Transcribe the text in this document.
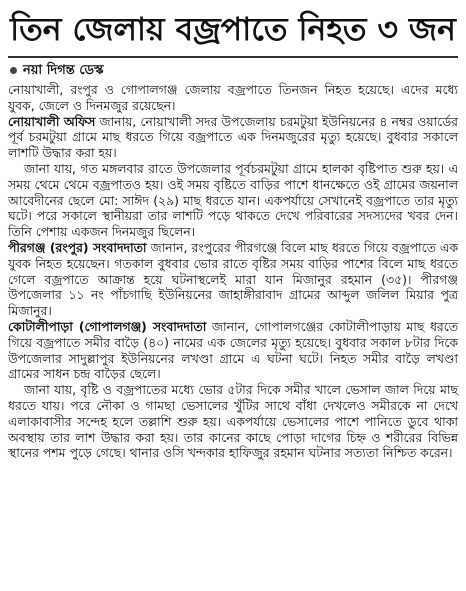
তিন জেলায় বজ্রপাতে নিহত ৩ জন
নয়া দিগন্ত ডেস্ক

নোয়াখালী, রংপুর ও গোপালগঞ্জ জেলায় বজ্রপাতে তিনজন নিহত হয়েছে। এদের মধ্যে যুবক, জেলে ও দিনমজুর রয়েছেন।

নোয়াখালী অফিস জানায়, নোয়াখালী সদর উপজেলায় চরমটুয়া ইউনিয়নের ৪ নম্বর ওয়ার্ডের পূর্ব চরমটুয়া গ্রামে মাছ ধরতে গিয়ে বজ্রপাতে এক দিনমজুরের মৃত্যু হয়েছে। বুধবার সকালে লাশটি উদ্ধার করা হয়।

জানা যায়, গত মঙ্গলবার রাতে উপজেলার পূর্বচরমটুয়া গ্রামে হালকা বৃষ্টিপাত শুরু হয়। এ সময় থেমে থেমে বজ্রপাতও হয়। ওই সময় বৃষ্টিতে বাড়ির পাশে ধানক্ষেতে ওই গ্রামের জয়নাল আবেদীনের ছেলে মো: সাঈদ (২৯) মাছ ধরতে যান। একপর্যায়ে সেখানেই বজ্রপাতে তার মৃত্যু ঘটে। পরে সকালে স্থানীয়রা তার লাশটি পড়ে থাকতে দেখে পরিবারের সদস্যদের খবর দেন। তিনি পেশায় একজন দিনমজুর ছিলেন।

পীরগঞ্জ (রংপুর) সংবাদদাতা জানান, রংপুরের পীরগঞ্জে বিলে মাছ ধরতে গিয়ে বজ্রপাতে এক যুবক নিহত হয়েছেন। গতকাল বুধবার ভোর রাতে বৃষ্টির সময় বাড়ির পাশের বিলে মাছ ধরতে গেলে বজ্রপাতে আক্রান্ত হয়ে ঘটনাস্থলেই মারা যান মিজানুর রহমান (৩৫)। পীরগঞ্জ উপজেলার ১১ নং পাঁচগাছি ইউনিয়নের জাহাঙ্গীরাবাদ গ্রামের আব্দুল জলিল মিয়ার পুত্র মিজানুর।

কোটালীপাড়া (গোপালগঞ্জ) সংবাদদাতা জানান, গোপালগঞ্জের কোটালীপাড়ায় মাছ ধরতে গিয়ে বজ্রপাতে সমীর বাড়ৈ (৪০) নামের এক জেলের মৃত্যু হয়েছে। বুধবার সকাল ৮টার দিকে উপজেলার সাদুল্লাপুর ইউনিয়নের লখণ্ডা গ্রামে এ ঘটনা ঘটে। নিহত সমীর বাড়ৈ লখণ্ডা গ্রামের সাধন চন্দ্র বাড়ৈর ছেলে।

জানা যায়, বৃষ্টি ও বজ্রপাতের মধ্যে ভোর ৫টার দিকে সমীর খালে ভেসাল জাল দিয়ে মাছ ধরতে যায়। পরে নৌকা ও গামছা ভেসালের খুঁটির সাথে বাঁধা দেখলেও সমীরকে না দেখে এলাকাবাসীর সন্দেহ হলে তল্লাশি শুরু হয়। একপর্যায়ে ভেসালের পাশে পানিতে ডুবে থাকা অবস্থায় তার লাশ উদ্ধার করা হয়। তার কানের কাছে পোড়া দাগের চিহ্ন ও শরীরের বিভিন্ন স্থানের পশম পুড়ে গেছে। থানার ওসি খন্দকার হাফিজুর রহমান ঘটনার সত্যতা নিশ্চিত করেন।
